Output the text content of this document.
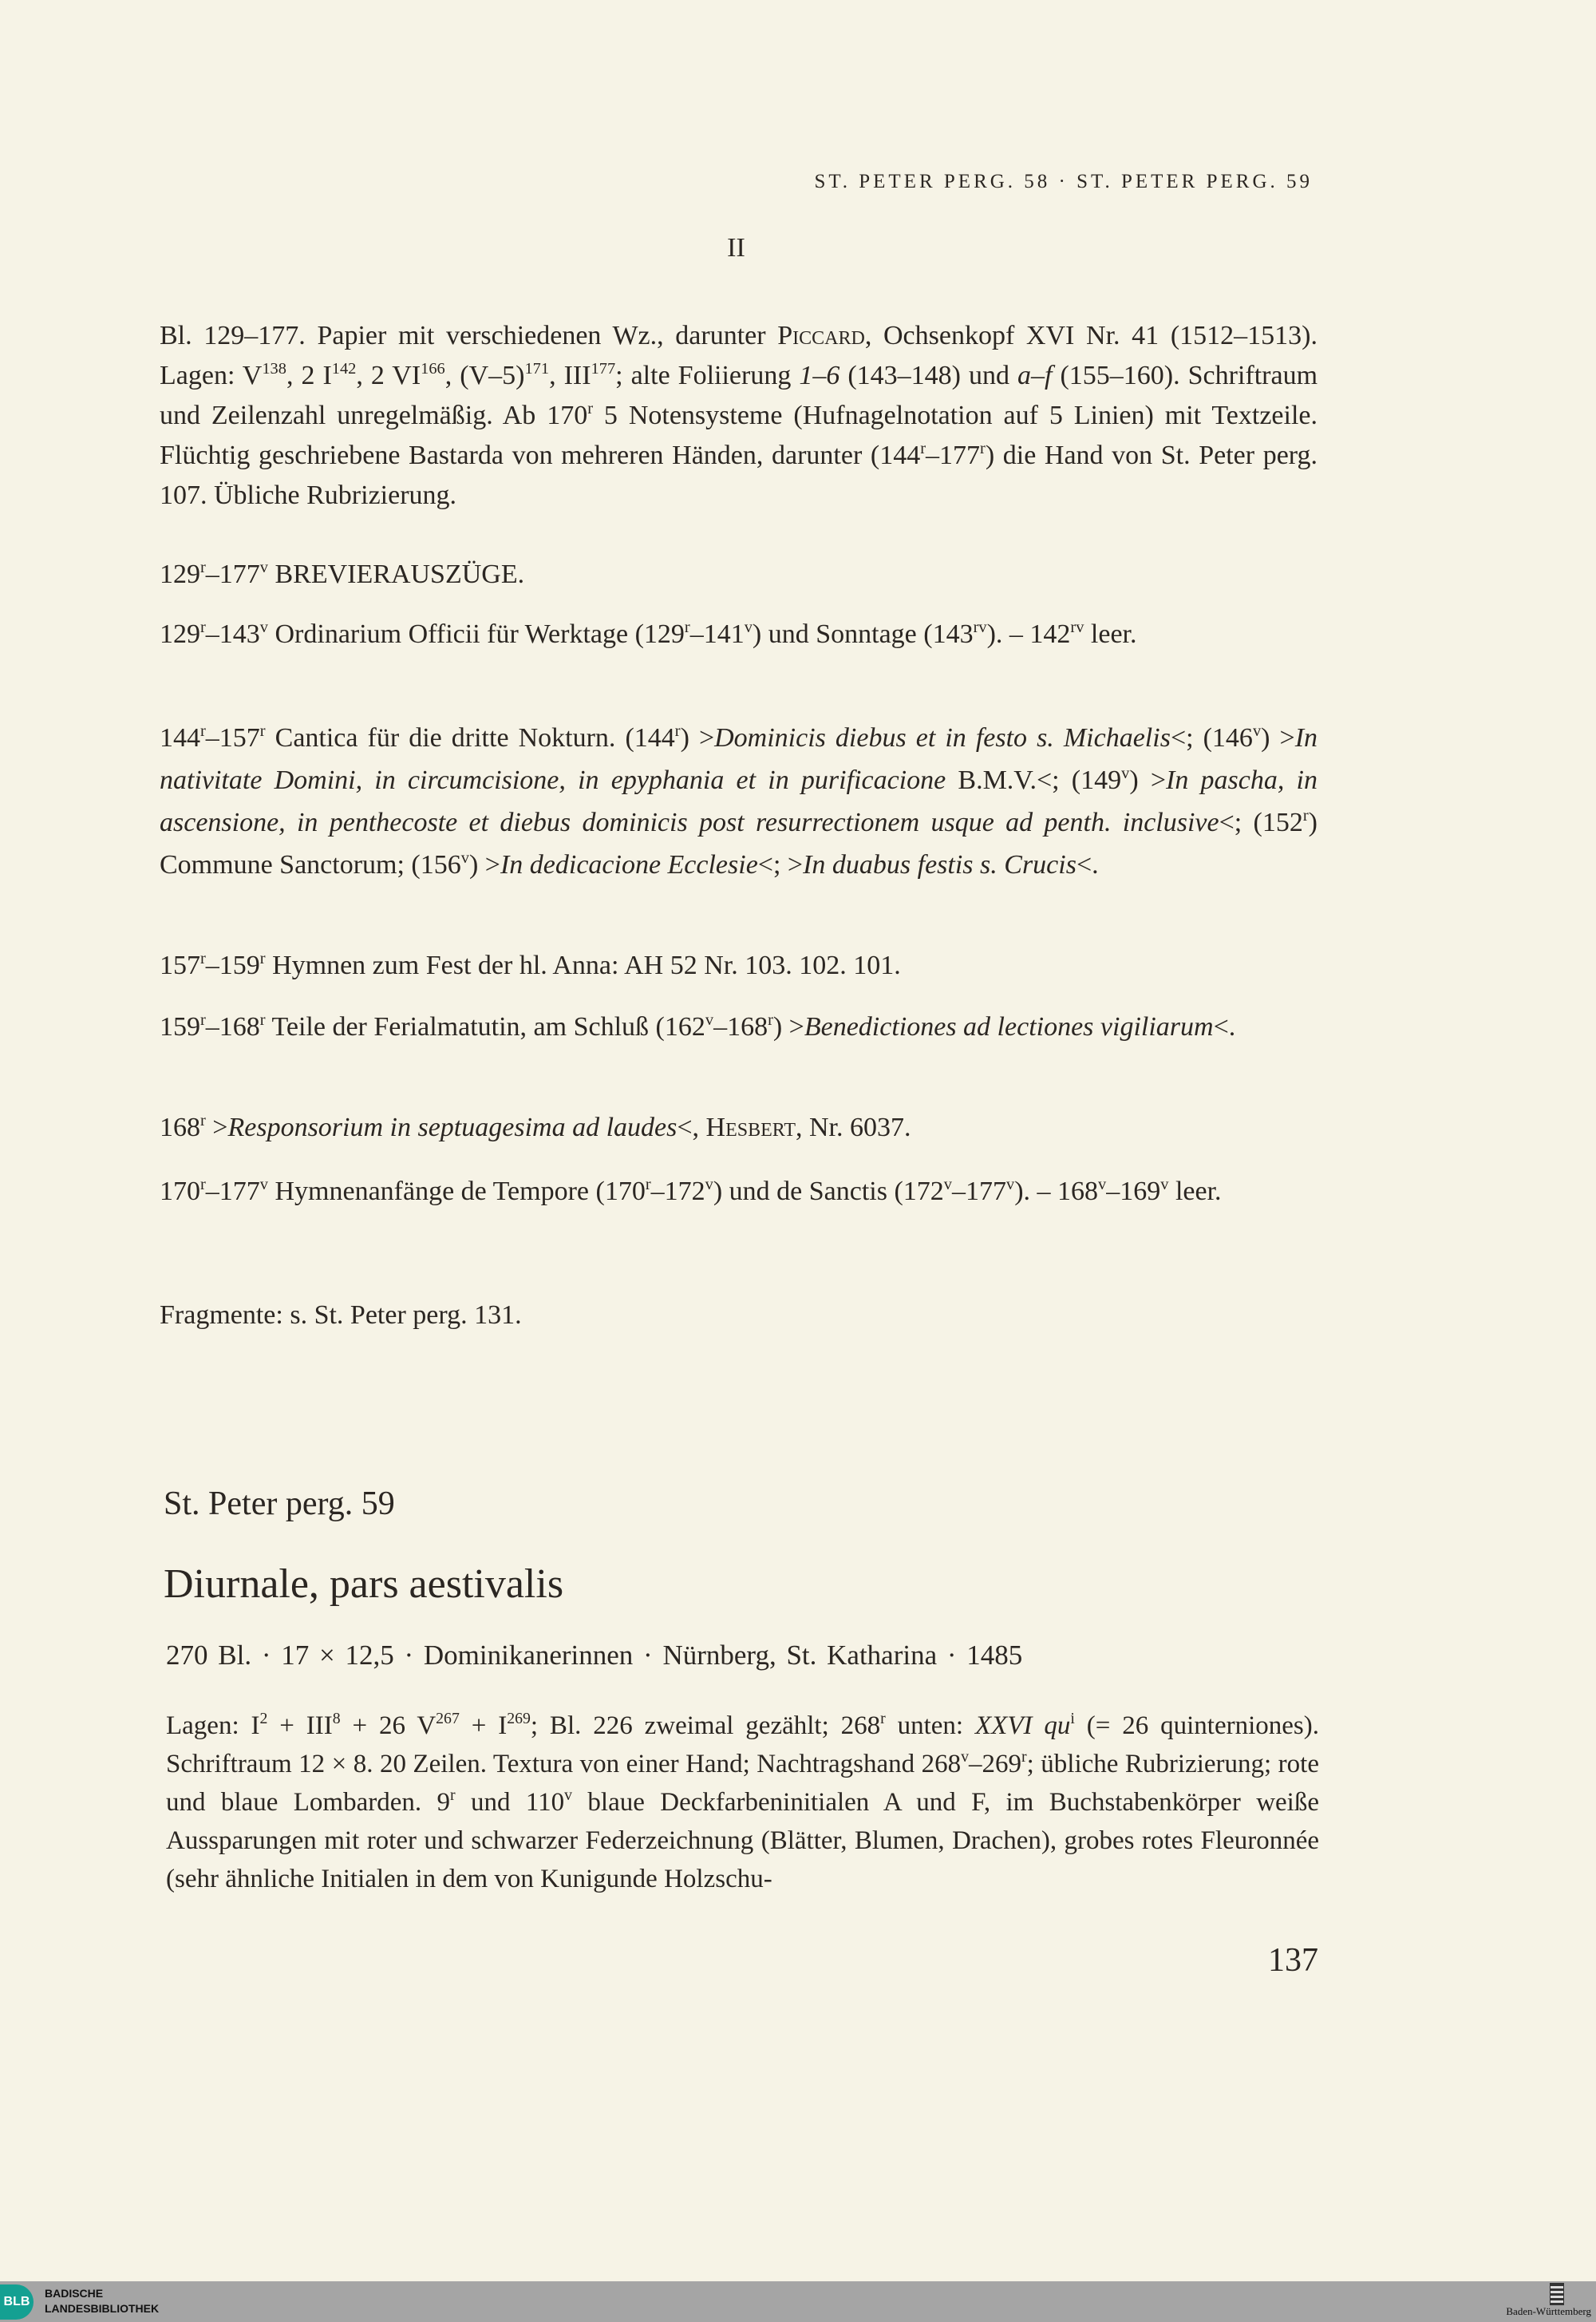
ST. PETER PERG. 58 · ST. PETER PERG. 59
II
Bl. 129–177. Papier mit verschiedenen Wz., darunter Piccard, Ochsenkopf XVI Nr. 41 (1512–1513). Lagen: $V^{138}$, 2 $I^{142}$, 2 VI$^{166}$, $(V-5)^{171}$, III$^{177}$; alte Foliierung 1–6 (143–148) und a–f (155–160). Schriftraum und Zeilenzahl unregelmäßig. Ab 170$^r$ 5 Notensysteme (Hufnagelnotation auf 5 Linien) mit Textzeile. Flüchtig geschriebene Bastarda von mehreren Händen, darunter (144$^r$–177$^r$) die Hand von St. Peter perg. 107. Übliche Rubrizierung.
129$^r$–177$^v$ BREVIERAUSZÜGE.
129$^r$–143$^v$ Ordinarium Officii für Werktage (129$^r$–141$^v$) und Sonntage $(143^{rv})$. – $142^{rv}$ leer.
144$^r$–157$^r$ Cantica für die dritte Nokturn. $(144^r)$ >Dominicis diebus et in festo s. Michaelis<; $(146^v) >In$ nativitate Domini, in circumcisione, in epyphania et in purificacione B.M.V.<; $(149^v) >In$ pascha, in ascensione, in penthecoste et diebus dominicis post resurrectionem usque ad penth. inclusive<; (152$^r$) Commune Sanctorum; $(156^v) >In$ dedicacione Ecclesie<; >In duabus festis s. Crucis<.
157$^r$–159$^r$ Hymnen zum Fest der hl. Anna: AH 52 Nr. 103. 102. 101.
159$^r$–168$^r$ Teile der Ferialmatutin, am Schluß $(162^v-168^r)$ >Benedictiones ad lectiones vigiliarum<.
$168^r$ >Responsorium in septuagesima ad laudes<, Hesbert, Nr. 6037.
170$^r$–177$^v$ Hymnenanfänge de Tempore (170$^r$–172$^v$) und de Sanctis (172$^v$–177$^v$). – 168$^v$–169$^v$ leer.
Fragmente: s. St. Peter perg. 131.
St. Peter perg. 59
Diurnale, pars aestivalis
270 Bl. · 17 × 12,5 · Dominikanerinnen · Nürnberg, St. Katharina · 1485
Lagen: $I^2 + III^8 + 26$ $V^{267} + I^{269}$; Bl. 226 zweimal gezählt; 268$^r$ unten: XXVI $qu^i$ (= 26 quinterniones). Schriftraum 12 × 8. 20 Zeilen. Textura von einer Hand; Nachtragshand 268$^v$–269$^r$; übliche Rubrizierung; rote und blaue Lombarden. 9$^r$ und 110$^v$ blaue Deckfarbeninitialen A und F, im Buchstabenkörper weiße Aussparungen mit roter und schwarzer Federzeichnung (Blätter, Blumen, Drachen), grobes rotes Fleuronnée (sehr ähnliche Initialen in dem von Kunigunde Holzschu-
137
BLB
BADISCHE
LANDESBIBLIOTHEK	Baden-Württemberg
